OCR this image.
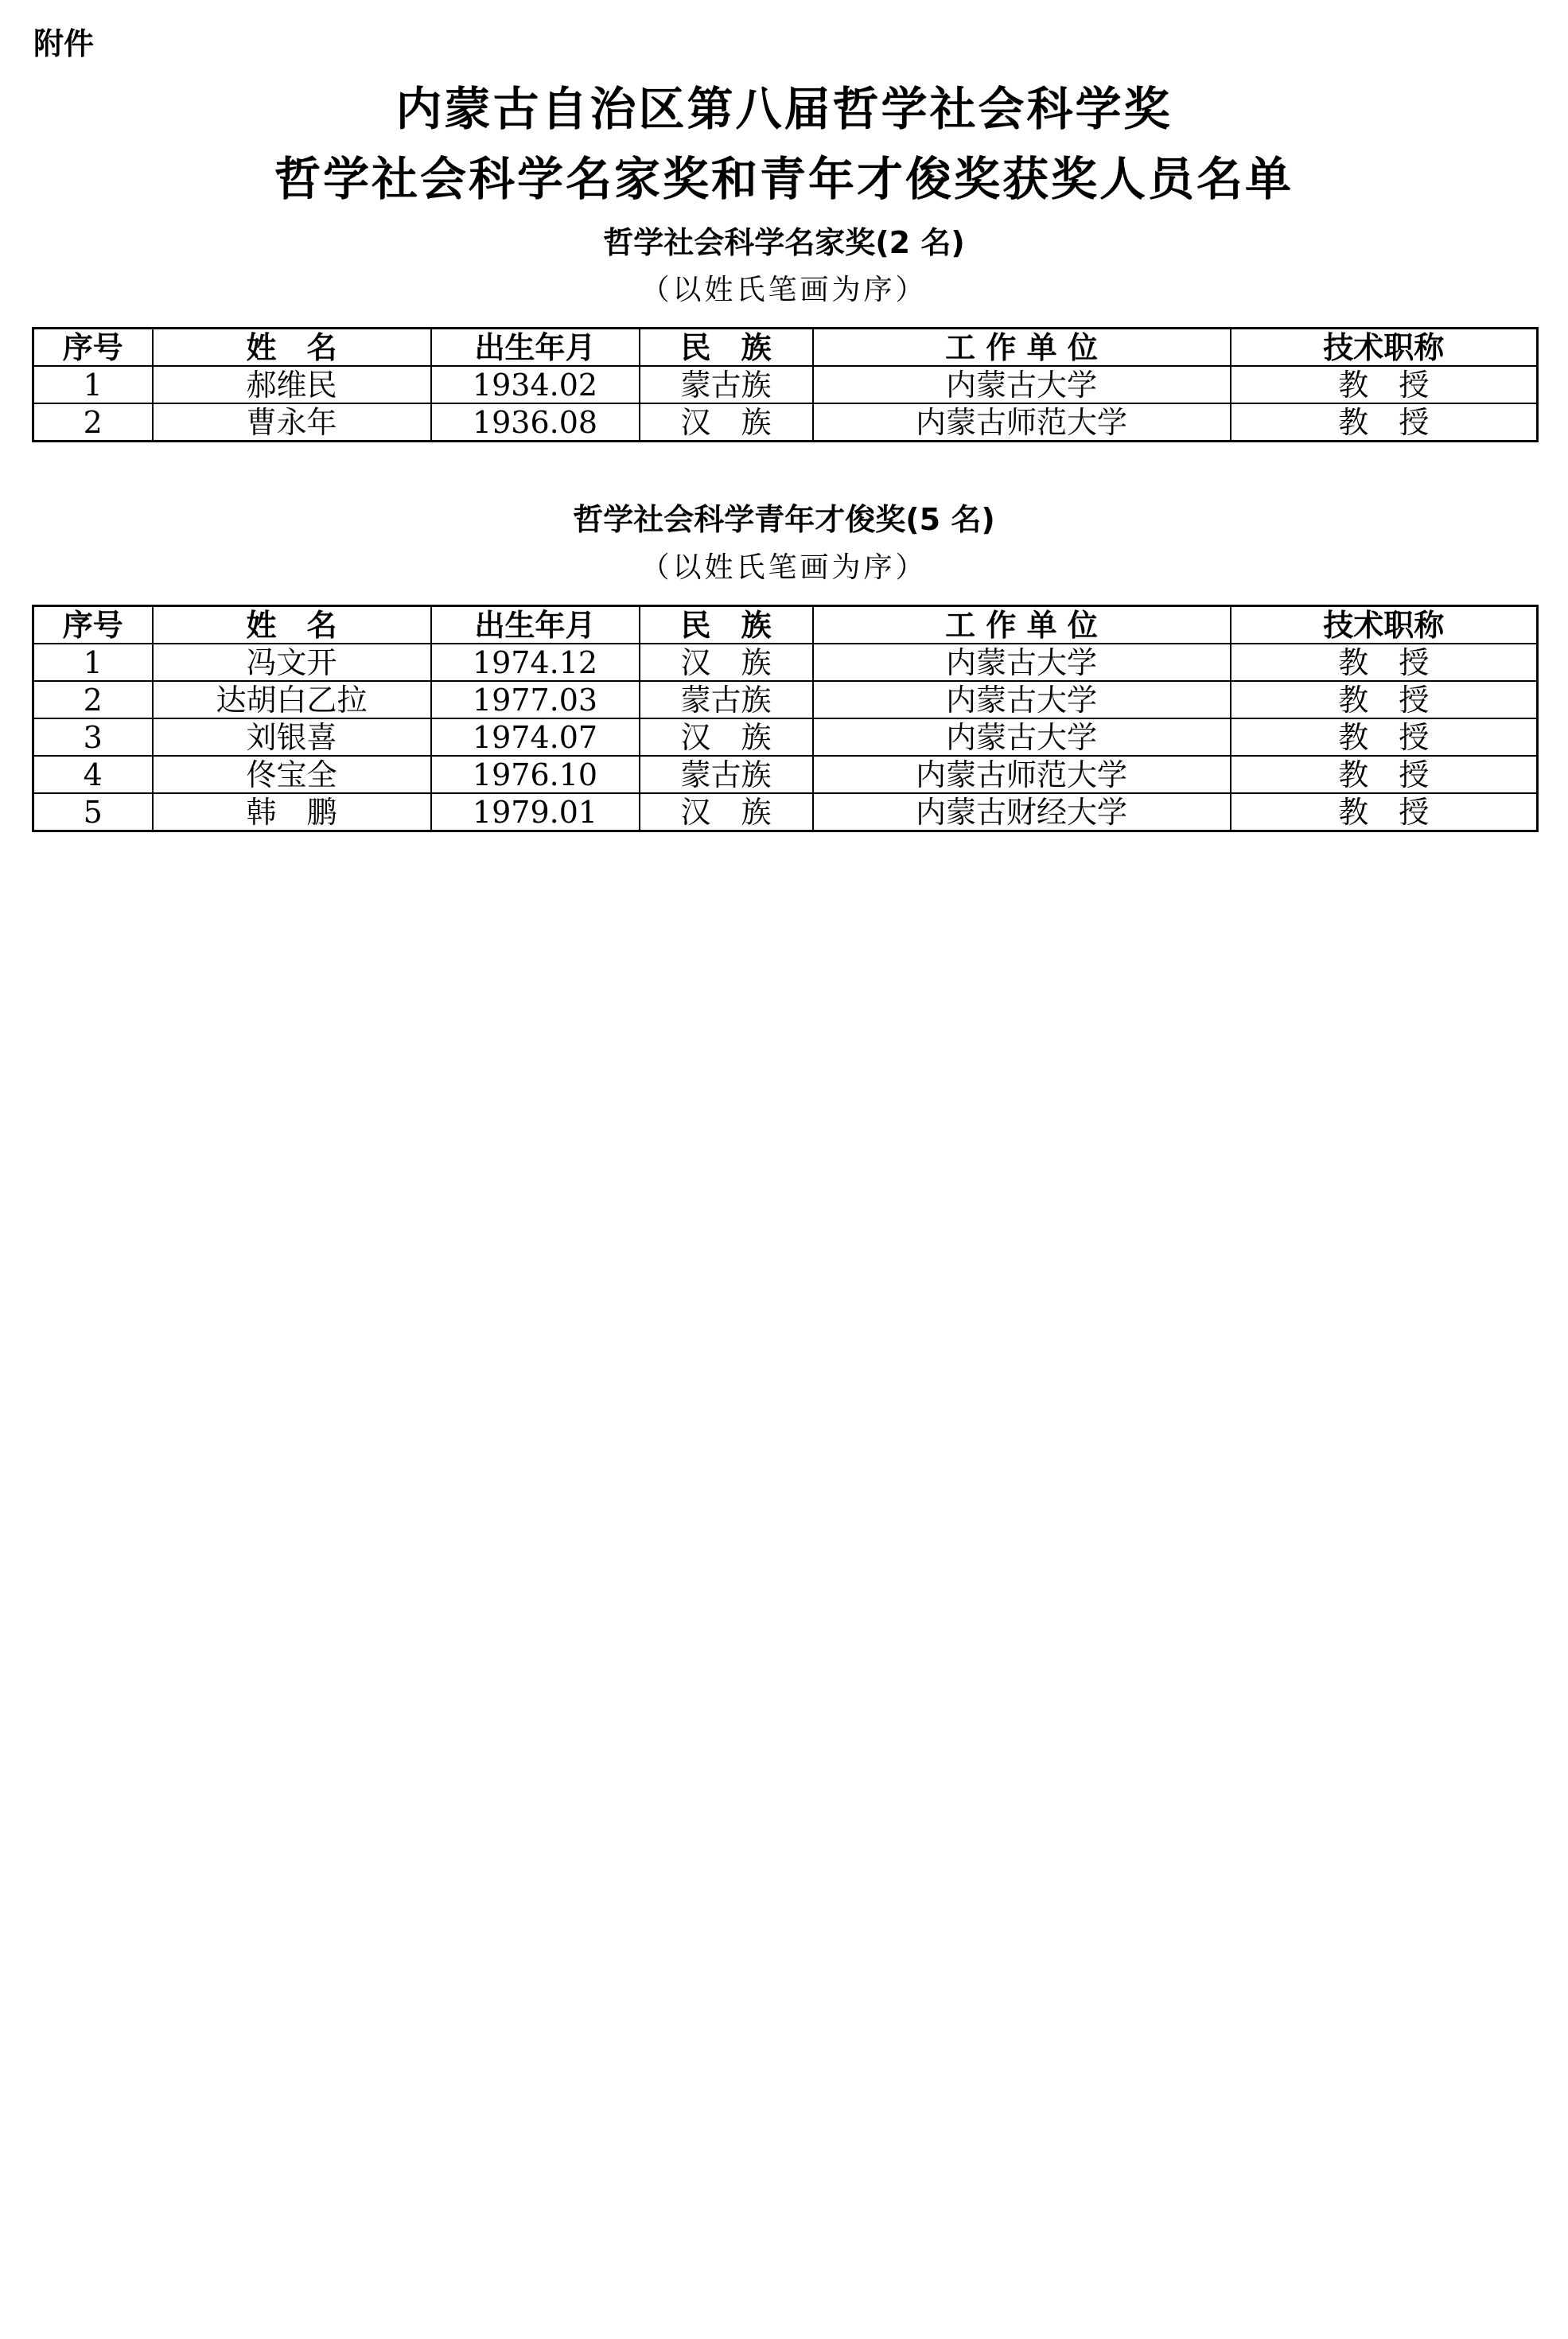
附件
内蒙古自治区第八届哲学社会科学奖
哲学社会科学名家奖和青年才俊奖获奖人员名单
哲学社会科学名家奖(2 名)
（以姓氏笔画为序）
序号	姓　名	出生年月	民　族	工 作 单 位	技术职称
1	郝维民	1934.02	蒙古族	内蒙古大学	教　授
2	曹永年	1936.08	汉　族	内蒙古师范大学	教　授
哲学社会科学青年才俊奖(5 名)
（以姓氏笔画为序）
序号	姓　名	出生年月	民　族	工 作 单 位	技术职称
1	冯文开	1974.12	汉　族	内蒙古大学	教　授
2	达胡白乙拉	1977.03	蒙古族	内蒙古大学	教　授
3	刘银喜	1974.07	汉　族	内蒙古大学	教　授
4	佟宝全	1976.10	蒙古族	内蒙古师范大学	教　授
5	韩　鹏	1979.01	汉　族	内蒙古财经大学	教　授
